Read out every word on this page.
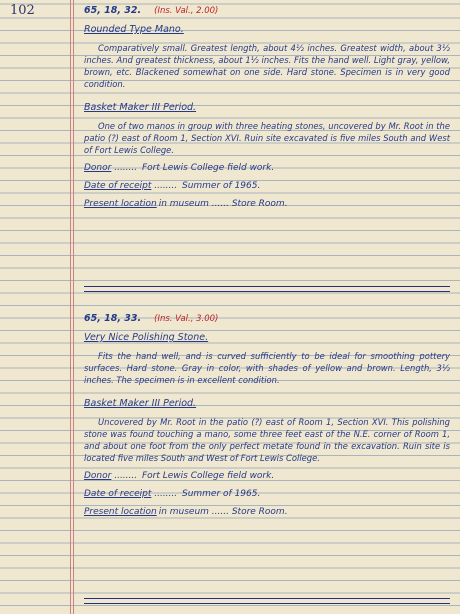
102	65, 18, 32. (Ins. Val., 2.00)
Rounded Type Mano.

Comparatively small. Greatest length, about 4½ inches. Greatest width, about 3½ inches. And greatest thickness, about 1½ inches. Fits the hand well. Light gray, yellow, brown, etc. Blackened somewhat on one side. Hard stone. Specimen is in very good condition.

Basket Maker III Period.

One of two manos in group with three heating stones, uncovered by Mr. Root in the patio (?) east of Room 1, Section XVI. Ruin site excavated is five miles South and West of Fort Lewis College.

Donor ........ Fort Lewis College field work.
Date of receipt ........ Summer of 1965.
Present location in museum ...... Store Room.
65, 18, 33. (Ins. Val., 3.00)
Very Nice Polishing Stone.

Fits the hand well, and is curved sufficiently to be ideal for smoothing pottery surfaces. Hard stone. Gray in color, with shades of yellow and brown. Length, 3½ inches. The specimen is in excellent condition.

Basket Maker III Period.

Uncovered by Mr. Root in the patio (?) east of Room 1, Section XVI. This polishing stone was found touching a mano, some three feet east of the N.E. corner of Room 1, and about one foot from the only perfect metate found in the excavation. Ruin site is located five miles South and West of Fort Lewis College.

Donor ........ Fort Lewis College field work.
Date of receipt ........ Summer of 1965.
Present location in museum ...... Store Room.
